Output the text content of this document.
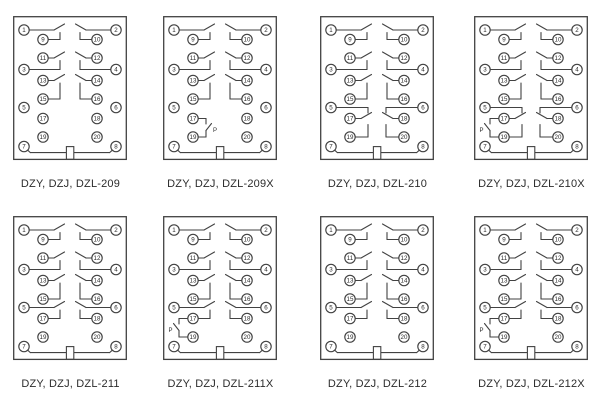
1	2
3	4
5	6
7	8
9	10
11	12
13	14
15	16
17	18
19	20
DZY, DZJ, DZL-209
P
1	2
3	4
5	6
7	8
9	10
11	12
13	14
15	16
17	18
19	20
DZY, DZJ, DZL-209X
1	2
3	4
5	6
7	8
9	10
11	12
13	14
15	16
17	18
19	20
DZY, DZJ, DZL-210
P
1	2
3	4
5	6
7	8
9	10
11	12
13	14
15	16
17	18
19	20
DZY, DZJ, DZL-210X
1	2
3	4
5	6
7	8
9	10
11	12
13	14
15	16
17	18
19	20
DZY, DZJ, DZL-211
P
1	2
3	4
5	6
7	8
9	10
11	12
13	14
15	16
17	18
19	20
DZY, DZJ, DZL-211X
1	2
3	4
5	6
7	8
9	10
11	12
13	14
15	16
17	18
19	20
DZY, DZJ, DZL-212
P
1	2
3	4
5	6
7	8
9	10
11	12
13	14
15	16
17	18
19	20
DZY, DZJ, DZL-212X
